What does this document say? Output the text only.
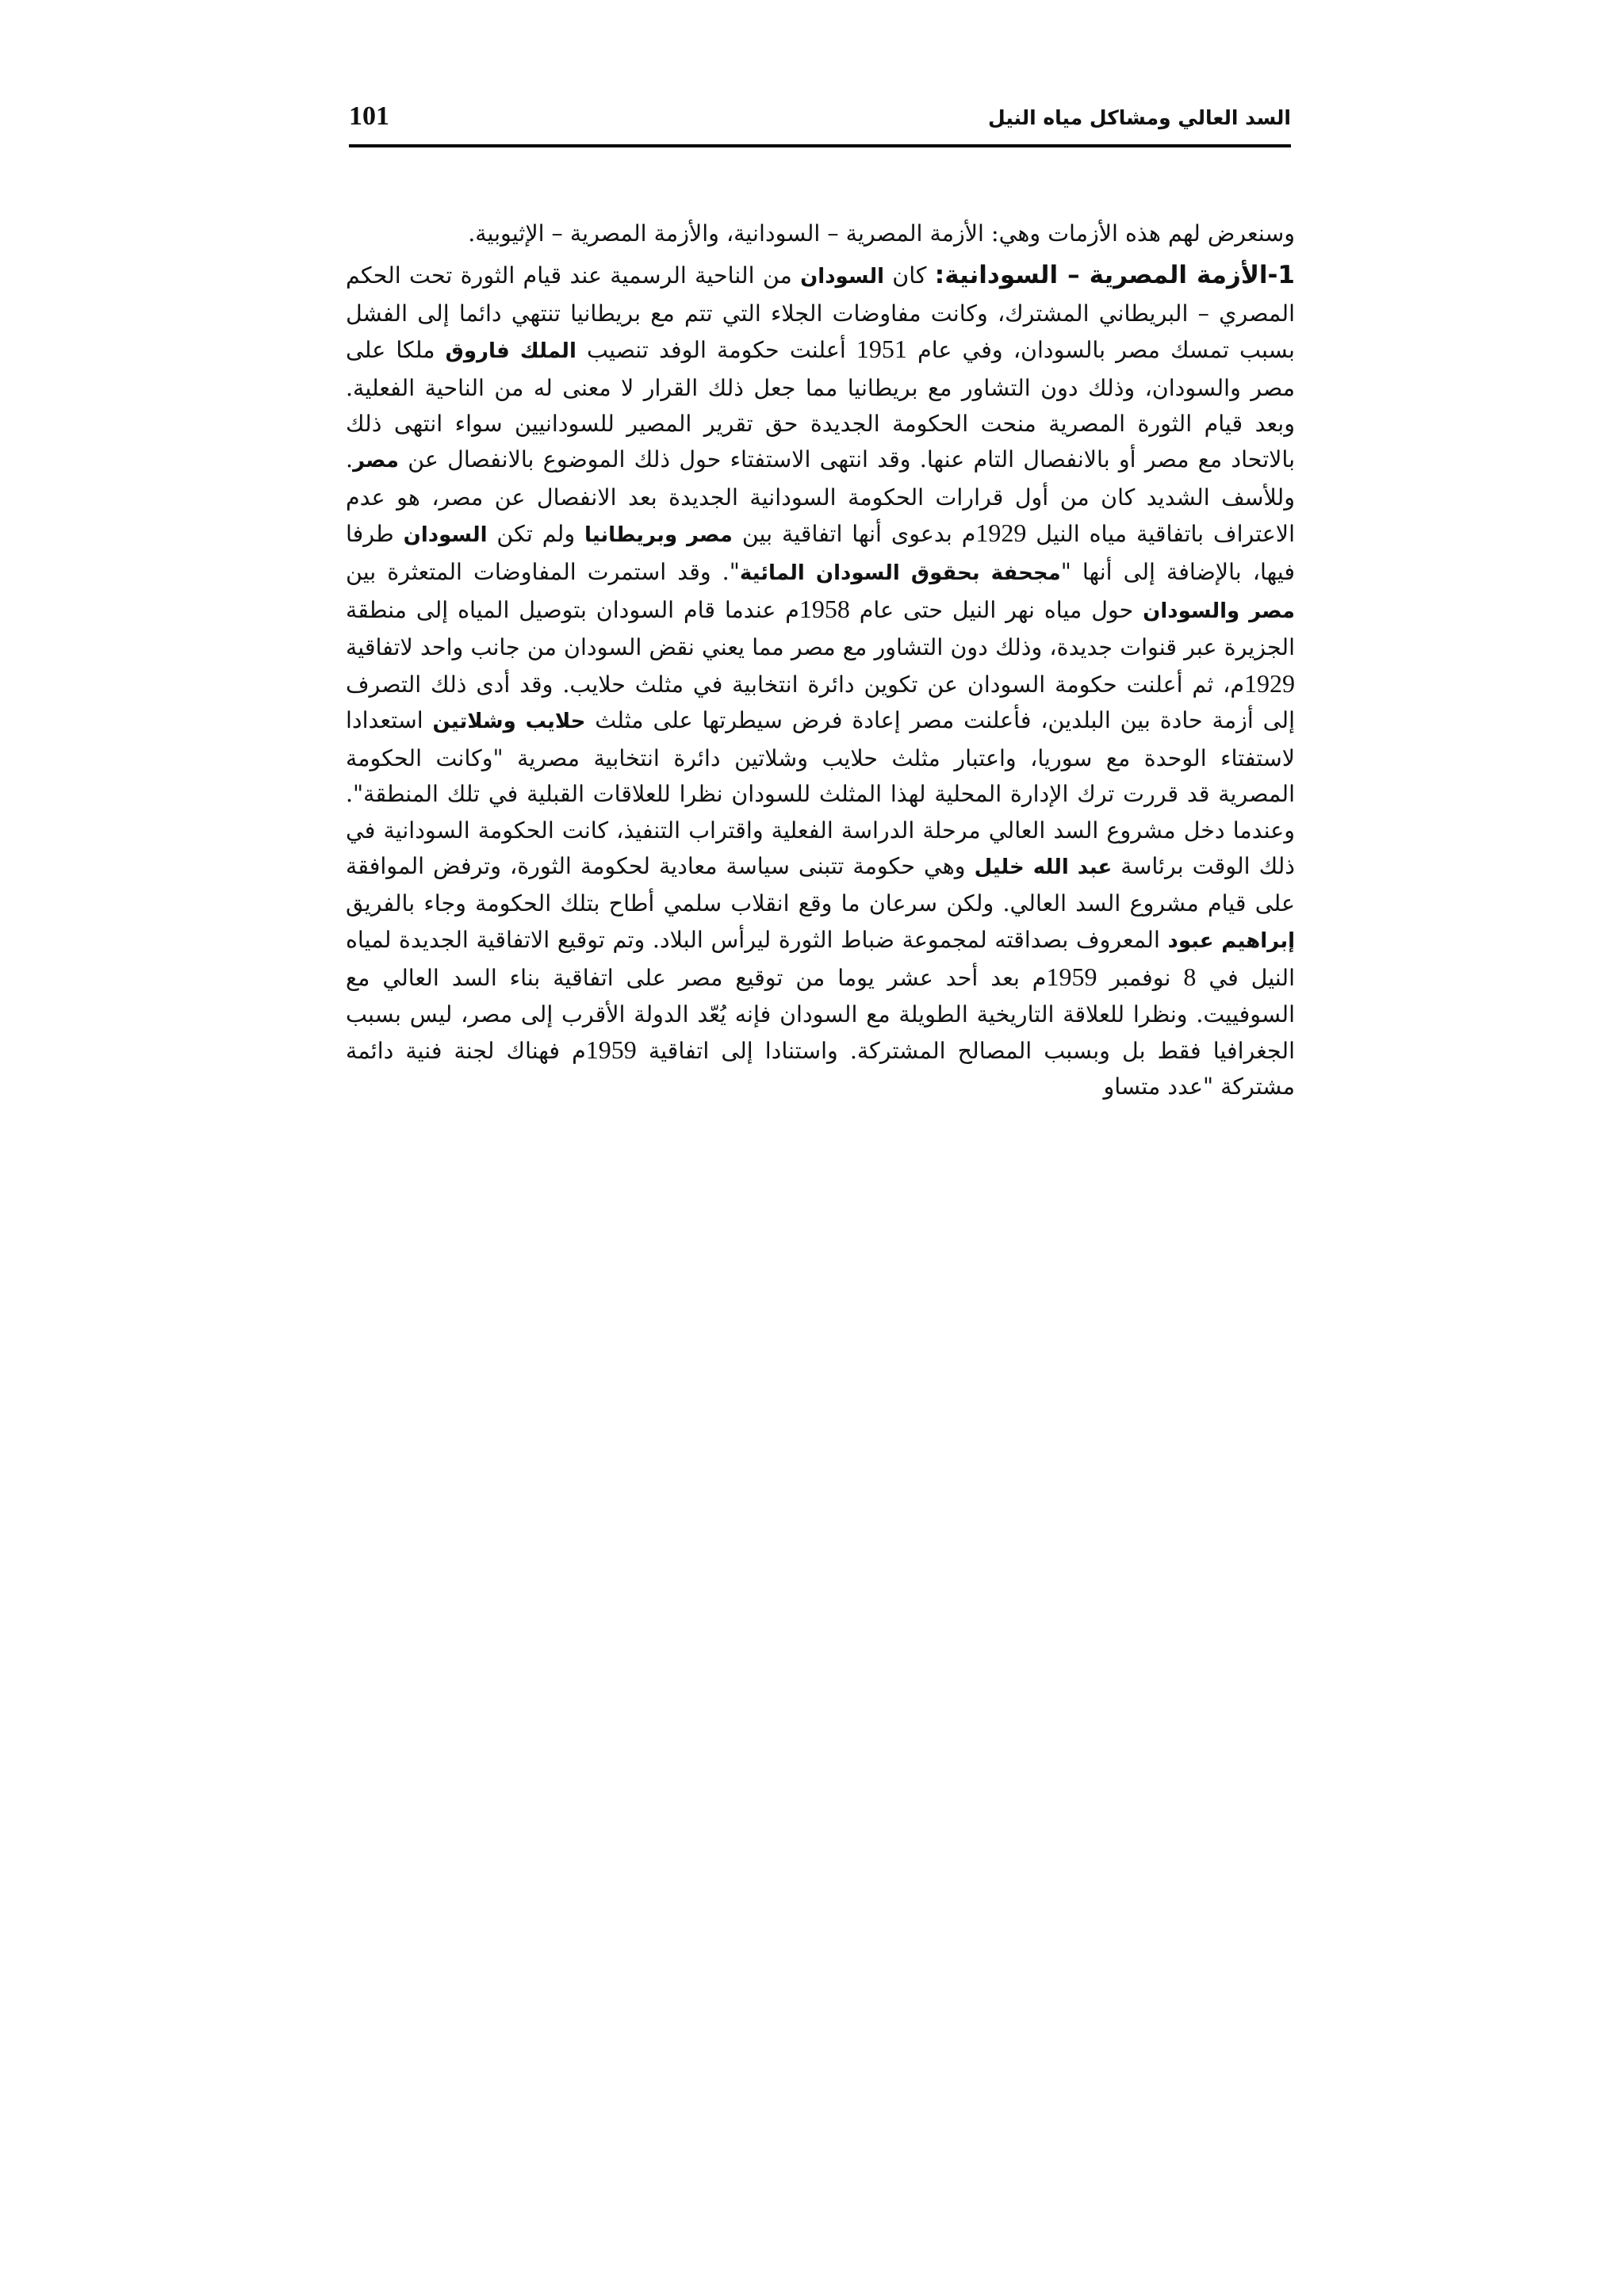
السد العالي ومشاكل مياه النيل
101

وسنعرض لهم هذه الأزمات وهي: الأزمة المصرية – السودانية، والأزمة المصرية – الإثيوبية.

1-الأزمة المصرية – السودانية: كان السودان من الناحية الرسمية عند قيام الثورة تحت الحكم المصري – البريطاني المشترك، وكانت مفاوضات الجلاء التي تتم مع بريطانيا تنتهي دائما إلى الفشل بسبب تمسك مصر بالسودان، وفي عام 1951 أعلنت حكومة الوفد تنصيب الملك فاروق ملكا على مصر والسودان، وذلك دون التشاور مع بريطانيا مما جعل ذلك القرار لا معنى له من الناحية الفعلية. وبعد قيام الثورة المصرية منحت الحكومة الجديدة حق تقرير المصير للسودانيين سواء انتهى ذلك بالاتحاد مع مصر أو بالانفصال التام عنها. وقد انتهى الاستفتاء حول ذلك الموضوع بالانفصال عن مصر. وللأسف الشديد كان من أول قرارات الحكومة السودانية الجديدة بعد الانفصال عن مصر، هو عدم الاعتراف باتفاقية مياه النيل 1929م بدعوى أنها اتفاقية بين مصر وبريطانيا ولم تكن السودان طرفا فيها، بالإضافة إلى أنها "مجحفة بحقوق السودان المائية". وقد استمرت المفاوضات المتعثرة بين مصر والسودان حول مياه نهر النيل حتى عام 1958م عندما قام السودان بتوصيل المياه إلى منطقة الجزيرة عبر قنوات جديدة، وذلك دون التشاور مع مصر مما يعني نقض السودان من جانب واحد لاتفاقية 1929م، ثم أعلنت حكومة السودان عن تكوين دائرة انتخابية في مثلث حلايب. وقد أدى ذلك التصرف إلى أزمة حادة بين البلدين، فأعلنت مصر إعادة فرض سيطرتها على مثلث حلايب وشلاتين استعدادا لاستفتاء الوحدة مع سوريا، واعتبار مثلث حلايب وشلاتين دائرة انتخابية مصرية "وكانت الحكومة المصرية قد قررت ترك الإدارة المحلية لهذا المثلث للسودان نظرا للعلاقات القبلية في تلك المنطقة". وعندما دخل مشروع السد العالي مرحلة الدراسة الفعلية واقتراب التنفيذ، كانت الحكومة السودانية في ذلك الوقت برئاسة عبد الله خليل وهي حكومة تتبنى سياسة معادية لحكومة الثورة، وترفض الموافقة على قيام مشروع السد العالي. ولكن سرعان ما وقع انقلاب سلمي أطاح بتلك الحكومة وجاء بالفريق إبراهيم عبود المعروف بصداقته لمجموعة ضباط الثورة ليرأس البلاد. وتم توقيع الاتفاقية الجديدة لمياه النيل في 8 نوفمبر 1959م بعد أحد عشر يوما من توقيع مصر على اتفاقية بناء السد العالي مع السوفييت. ونظرا للعلاقة التاريخية الطويلة مع السودان فإنه يُعّد الدولة الأقرب إلى مصر، ليس بسبب الجغرافيا فقط بل وبسبب المصالح المشتركة. واستنادا إلى اتفاقية 1959م فهناك لجنة فنية دائمة مشتركة "عدد متساو
